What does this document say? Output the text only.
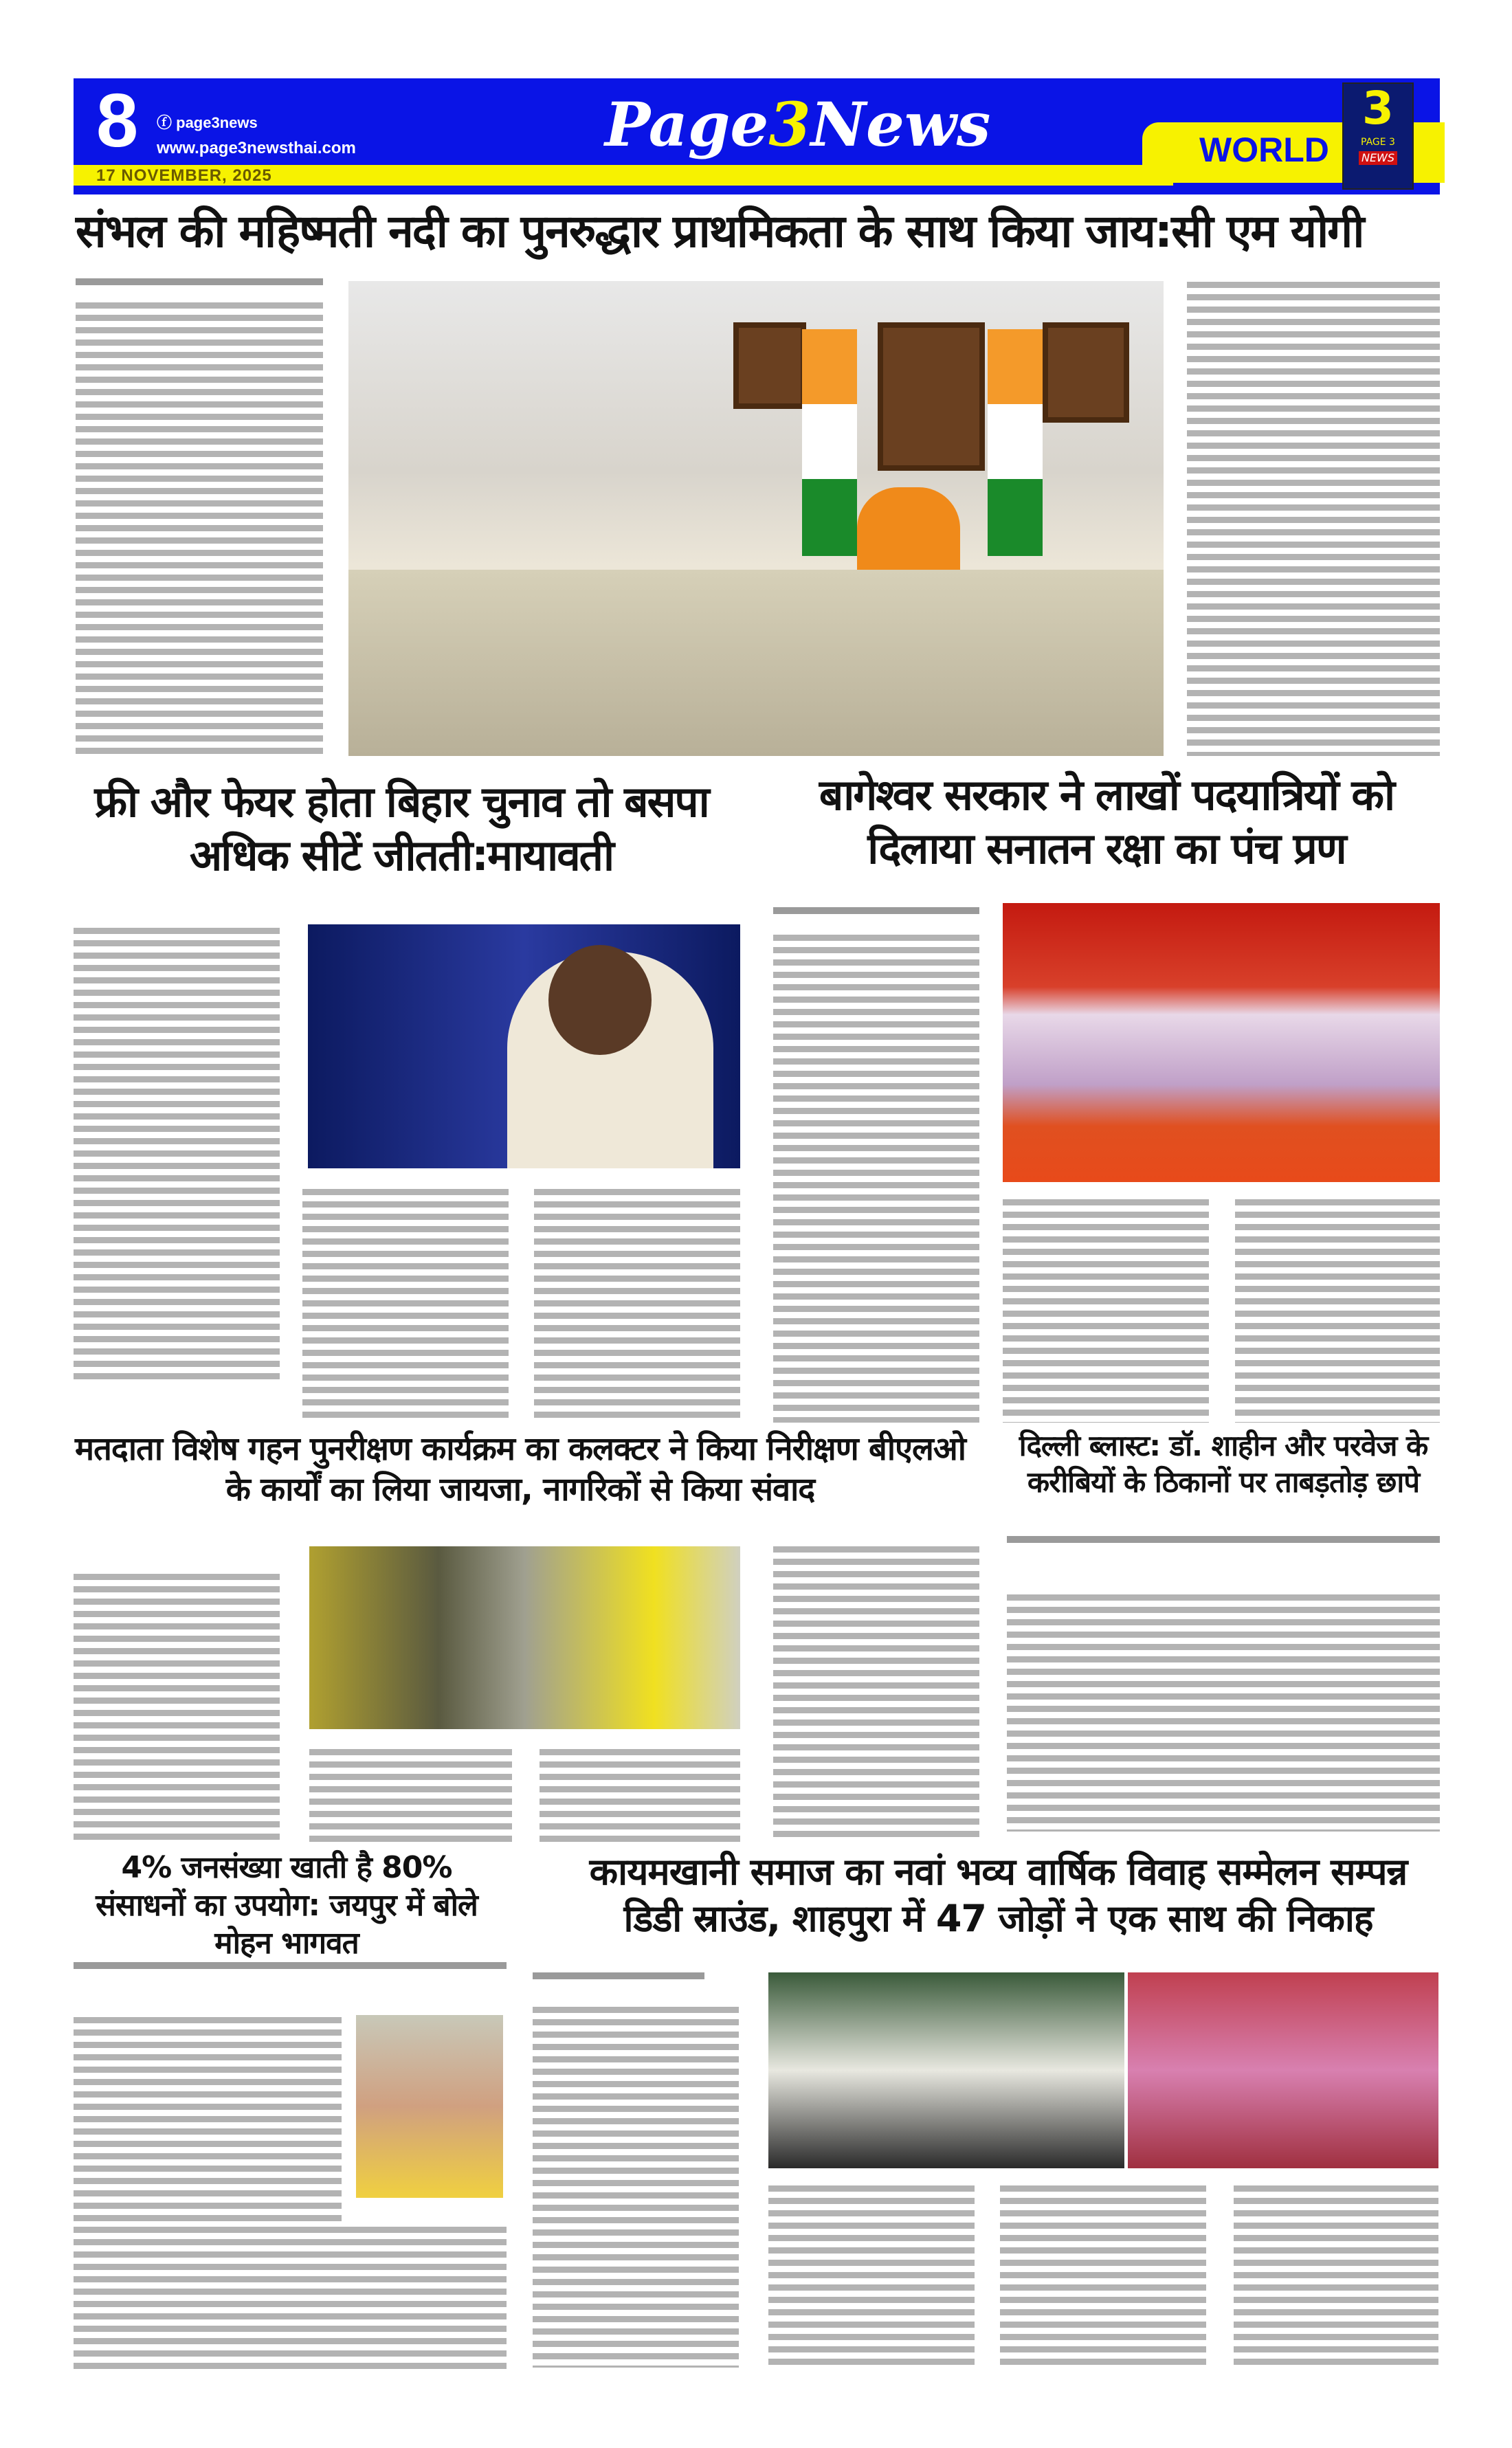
8 ⓕ page3news
www.page3newsthai.com
17 NOVEMBER, 2025
Page3News	WORLD
3
PAGE 3
NEWS
संभल की महिष्मती नदी का पुनरुद्धार प्राथमिकता के साथ किया जाय:सी एम योगी
फ्री और फेयर होता बिहार चुनाव तो बसपा अधिक सीटें जीतती:मायावती
बागेश्वर सरकार ने लाखों पदयात्रियों को दिलाया सनातन रक्षा का पंच प्रण
मतदाता विशेष गहन पुनरीक्षण कार्यक्रम का कलक्टर ने किया निरीक्षण बीएलओ के कार्यों का लिया जायजा, नागरिकों से किया संवाद
दिल्ली ब्लास्ट: डॉ. शाहीन और परवेज के करीबियों के ठिकानों पर ताबड़तोड़ छापे
4% जनसंख्या खाती है 80% संसाधनों का उपयोग: जयपुर में बोले मोहन भागवत
कायमखानी समाज का नवां भव्य वार्षिक विवाह सम्मेलन सम्पन्न डिडी स्राउंड, शाहपुरा में 47 जोड़ों ने एक साथ की निकाह
